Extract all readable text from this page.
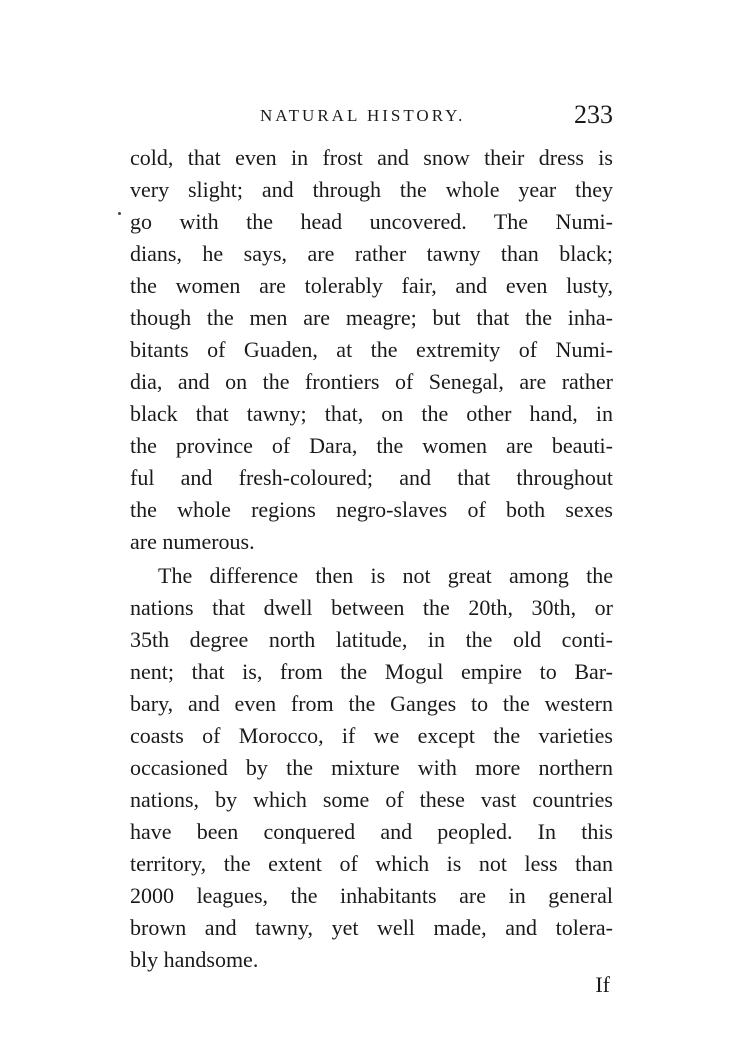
NATURAL HISTORY.	233
cold, that even in frost and snow their dress is
very slight; and through the whole year they
go with the head uncovered. The Numi-
dians, he says, are rather tawny than black;
the women are tolerably fair, and even lusty,
though the men are meagre; but that the inha-
bitants of Guaden, at the extremity of Numi-
dia, and on the frontiers of Senegal, are rather
black that tawny; that, on the other hand, in
the province of Dara, the women are beauti-
ful and fresh-coloured; and that throughout
the whole regions negro-slaves of both sexes
are numerous.
The difference then is not great among the
nations that dwell between the 20th, 30th, or
35th degree north latitude, in the old conti-
nent; that is, from the Mogul empire to Bar-
bary, and even from the Ganges to the western
coasts of Morocco, if we except the varieties
occasioned by the mixture with more northern
nations, by which some of these vast countries
have been conquered and peopled. In this
territory, the extent of which is not less than
2000 leagues, the inhabitants are in general
brown and tawny, yet well made, and tolera-
bly handsome.
If
